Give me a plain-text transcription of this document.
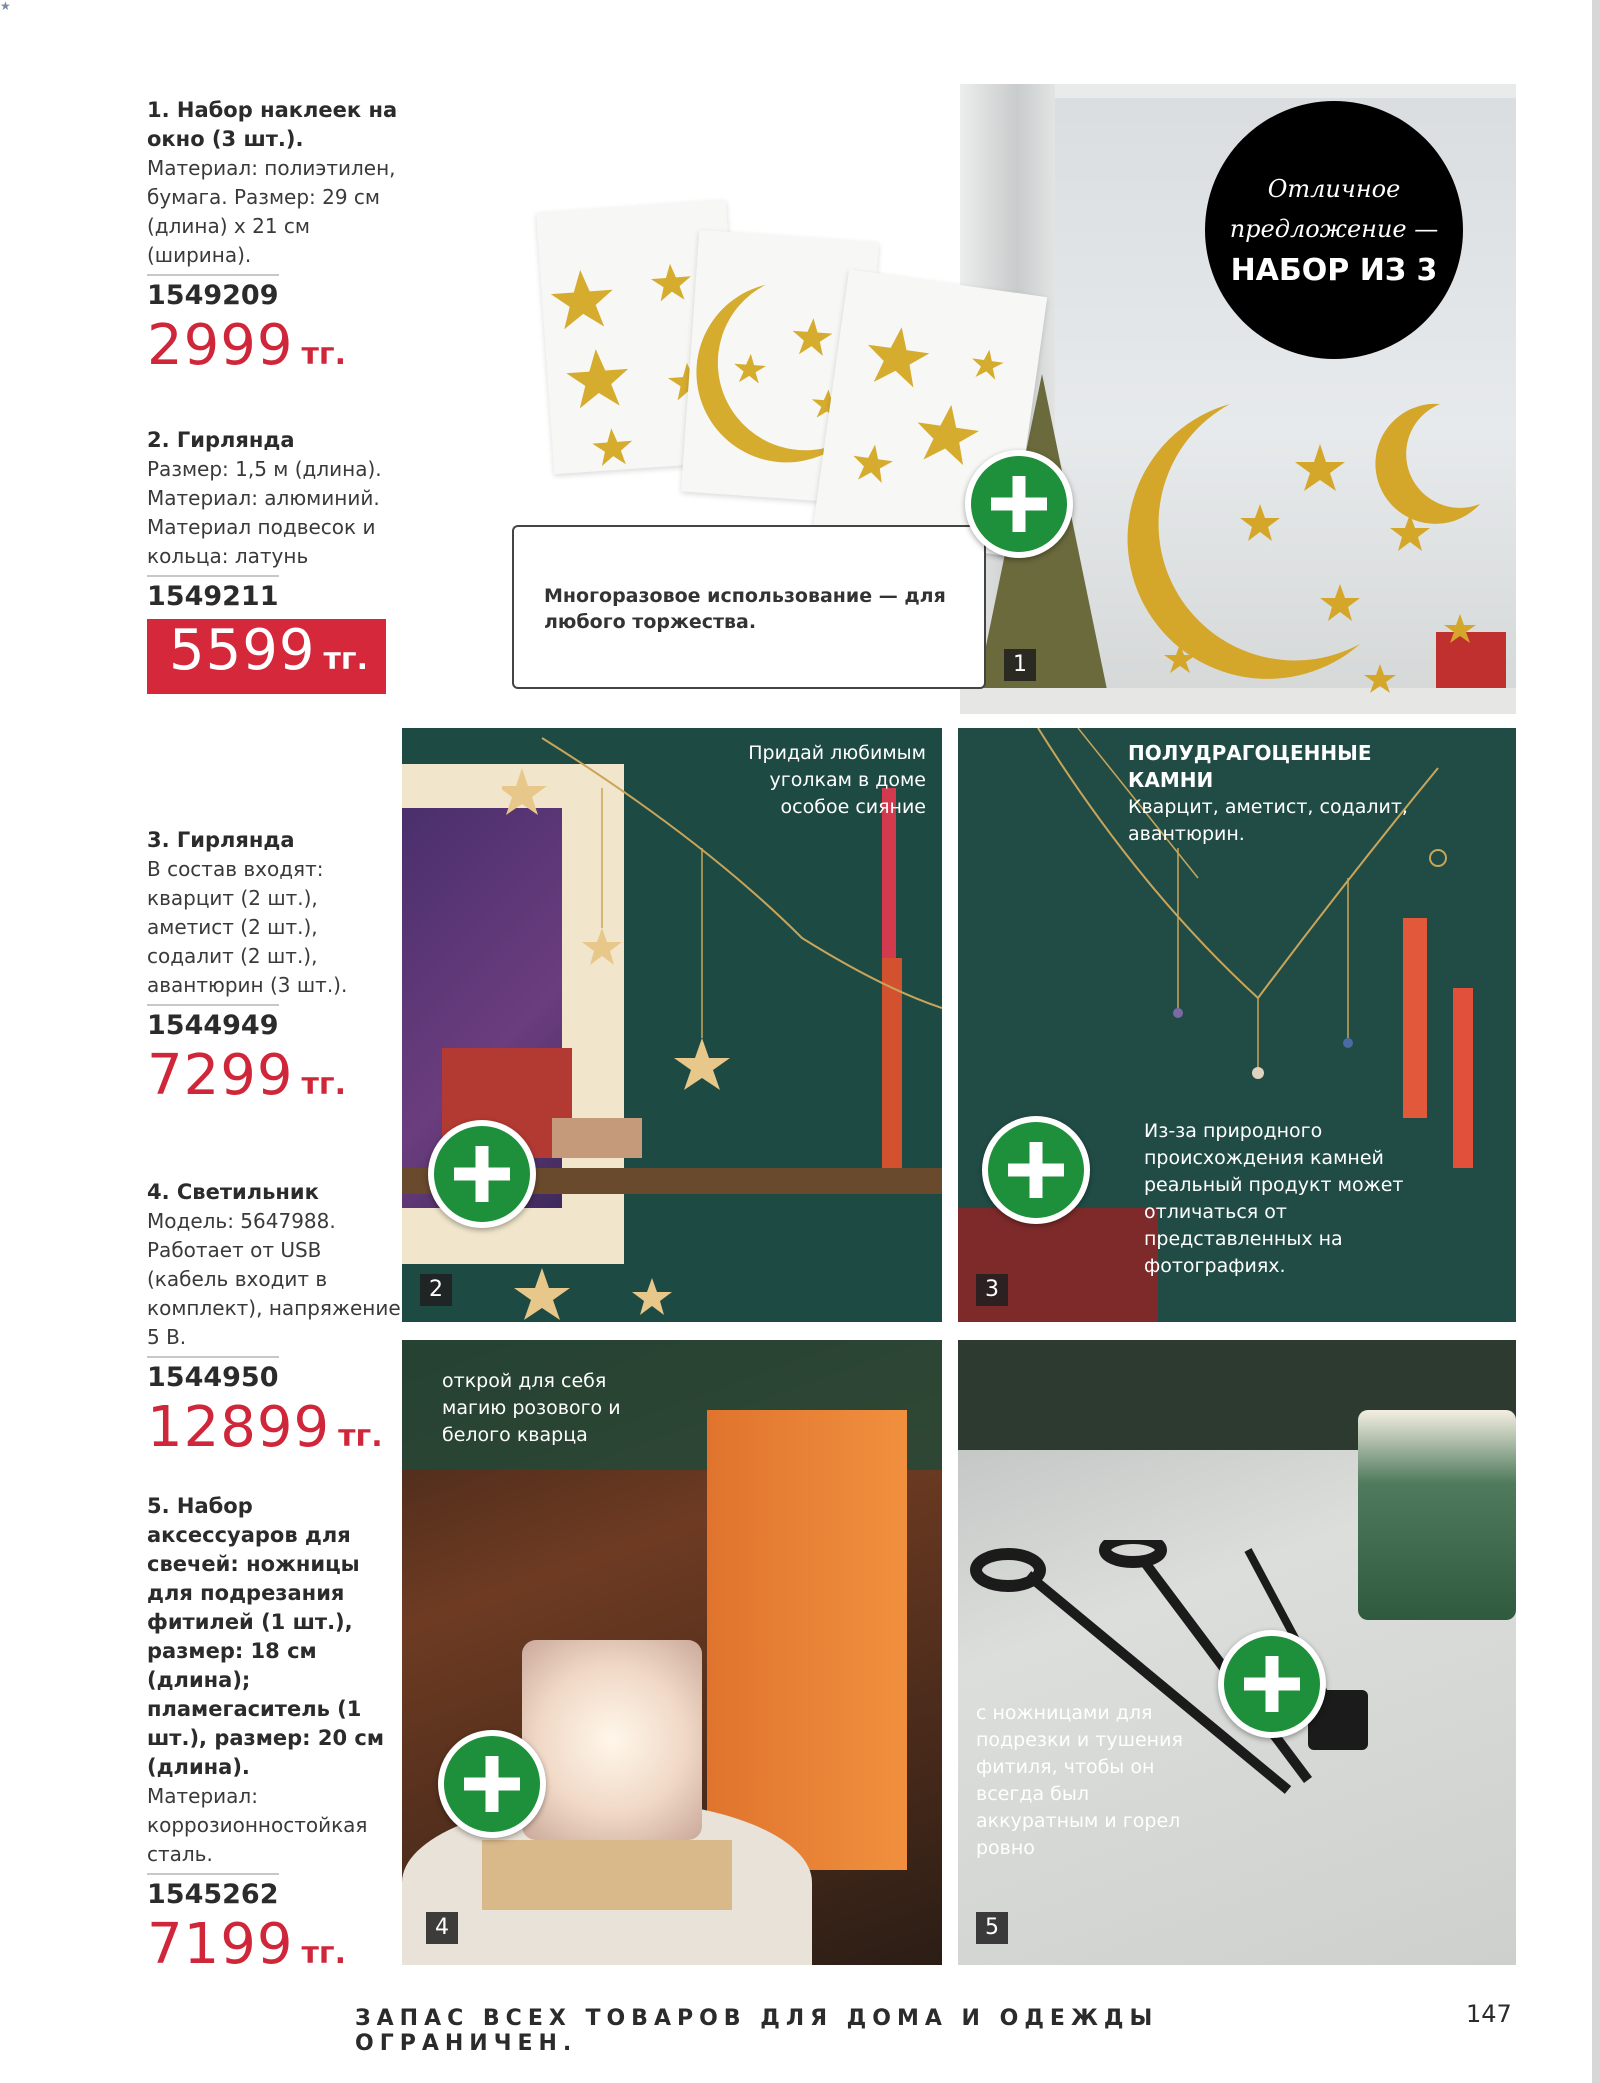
★
1. Набор наклеек на окно (3 шт.).
Материал: полиэтилен, бумага. Размер: 29 см (длина) x 21 см (ширина).
1549209
2999 тг.
2. Гирлянда
Размер: 1,5 м (длина). Материал: алюминий. Материал подвесок и кольца: латунь
1549211
5599 тг.
3. Гирлянда
В состав входят: кварцит (2 шт.), аметист (2 шт.), содалит (2 шт.), авантюрин (3 шт.).
1544949
7299 тг.
4. Светильник
Модель: 5647988. Работает от USB (кабель входит в комплект), напряжение 5 В.
1544950
12899 тг.
5. Набор аксессуаров для свечей: ножницы для подрезания фитилей (1 шт.), размер: 18 см (длина); пламегаситель (1 шт.), размер: 20 см (длина).
Материал: коррозионностойкая сталь.
1545262
7199 тг.
1
Отличное
предложение —
НАБОР ИЗ 3
Многоразовое использование — для любого торжества.
Придай любимым уголкам в доме особое сияние
2
ПОЛУДРАГОЦЕННЫЕ КАМНИ
Кварцит, аметист, содалит, авантюрин.
Из-за природного происхождения камней реальный продукт может отличаться от представленных на фотографиях.
3
открой для себя магию розового и белого кварца
4
с ножницами для подрезки и тушения фитиля, чтобы он всегда был аккуратным и горел ровно
5
ЗАПАС ВСЕХ ТОВАРОВ ДЛЯ ДОМА И ОДЕЖДЫ ОГРАНИЧЕН.
147
